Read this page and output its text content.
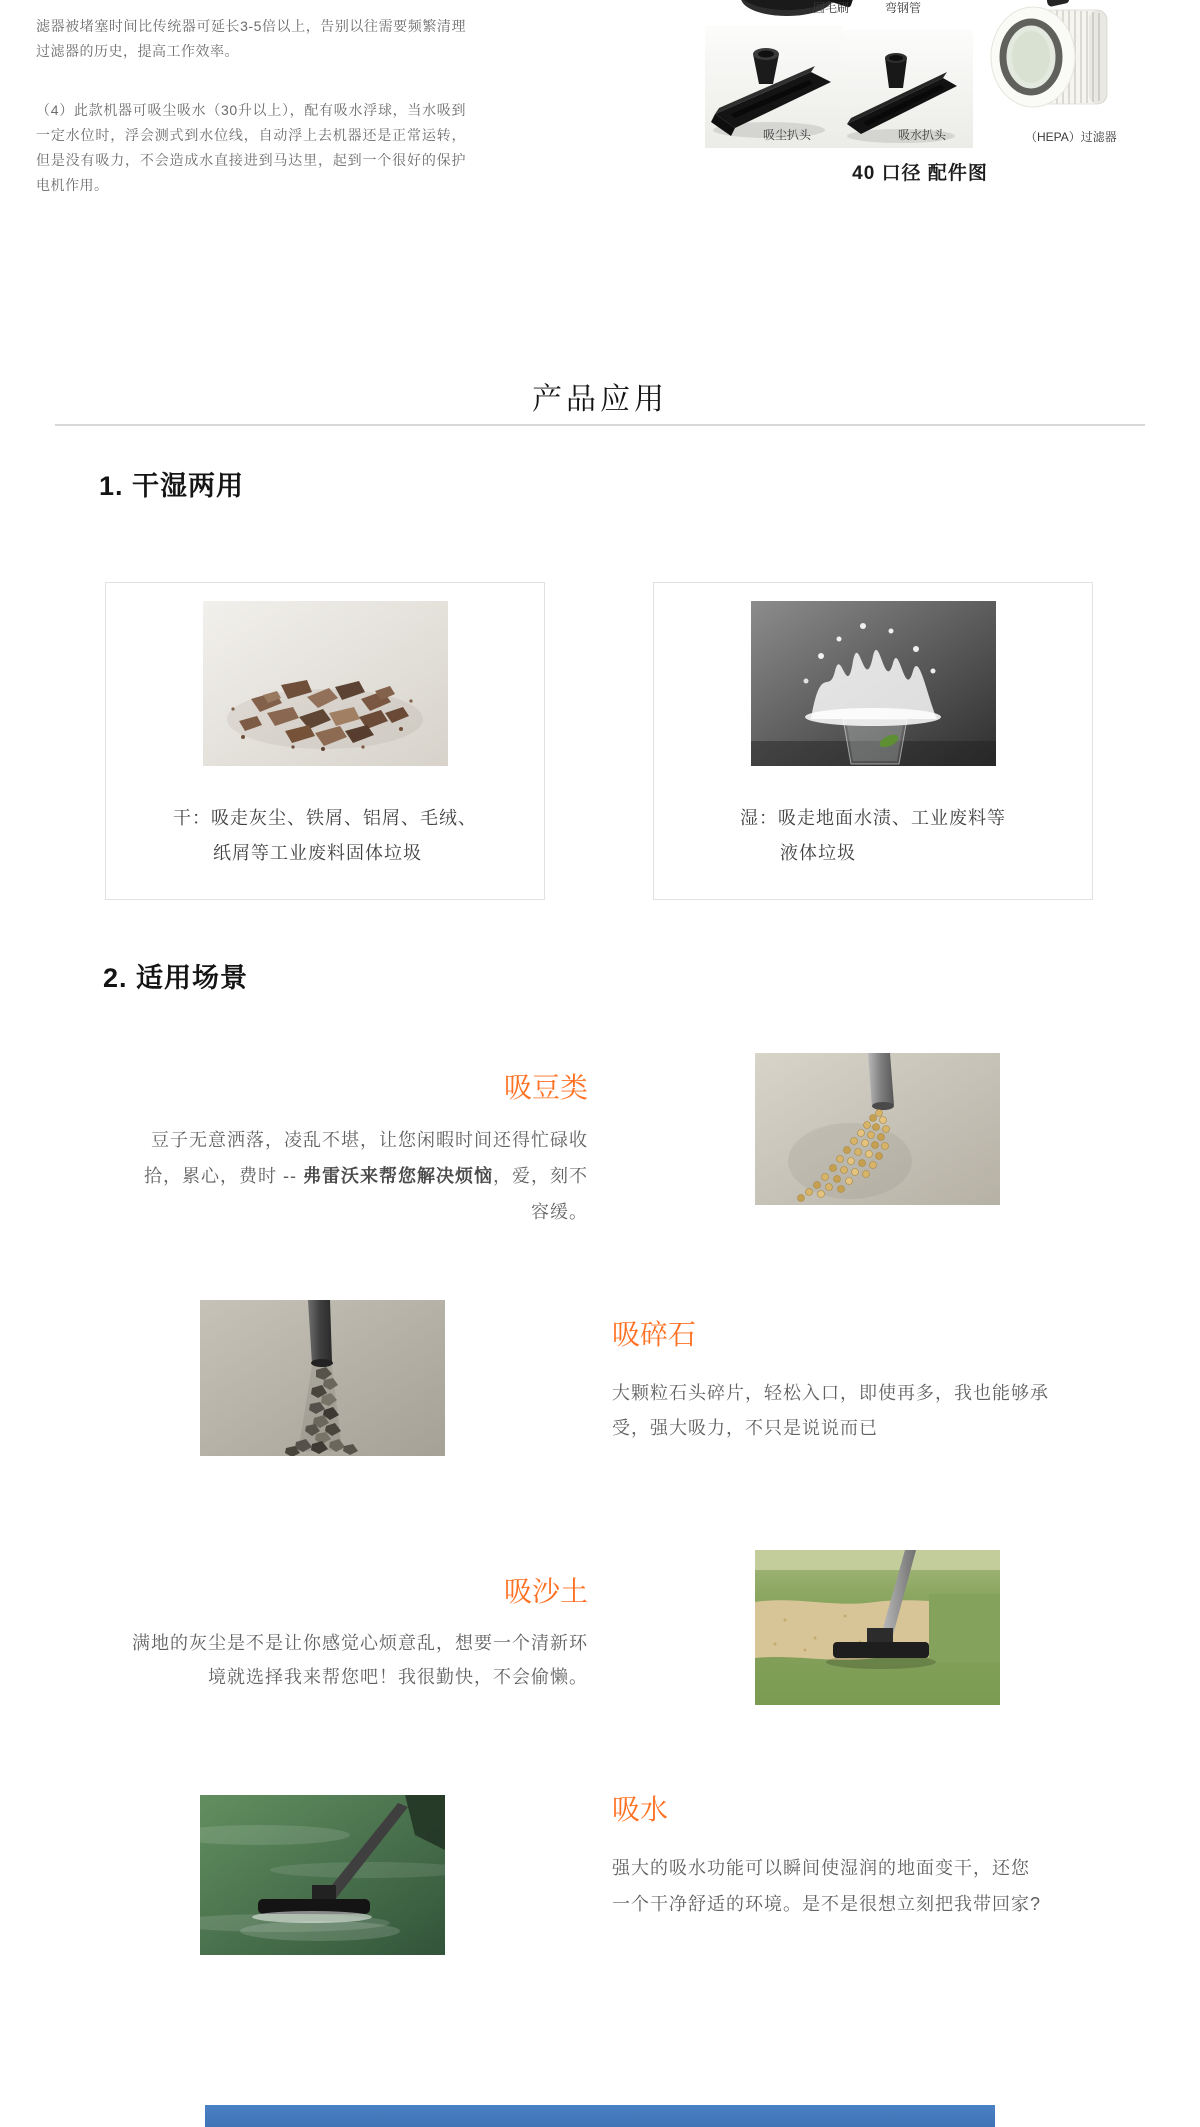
滤器被堵塞时间比传统器可延长3-5倍以上，告别以往需要频繁清理过滤器的历史，提高工作效率。

（4）此款机器可吸尘吸水（30升以上），配有吸水浮球，当水吸到一定水位时，浮会测式到水位线，自动浮上去机器还是正常运转，但是没有吸力，不会造成水直接进到马达里，起到一个很好的保护电机作用。

圆毛刷	弯钢管
吸尘扒头	吸水扒头	（HEPA）过滤器
40 口径 配件图
产品应用
1. 干湿两用
干：吸走灰尘、铁屑、铝屑、毛绒、
纸屑等工业废料固体垃圾
湿：吸走地面水渍、工业废料等
液体垃圾
2. 适用场景
吸豆类
豆子无意洒落，凌乱不堪，让您闲暇时间还得忙碌收拾，累心，费时 -- 弗雷沃来帮您解决烦恼，爱，刻不容缓。
吸碎石
大颗粒石头碎片，轻松入口，即使再多，我也能够承受，强大吸力，不只是说说而已
吸沙土
满地的灰尘是不是让你感觉心烦意乱，想要一个清新环境就选择我来帮您吧！我很勤快，不会偷懒。
吸水
强大的吸水功能可以瞬间使湿润的地面变干，还您一个干净舒适的环境。是不是很想立刻把我带回家?
